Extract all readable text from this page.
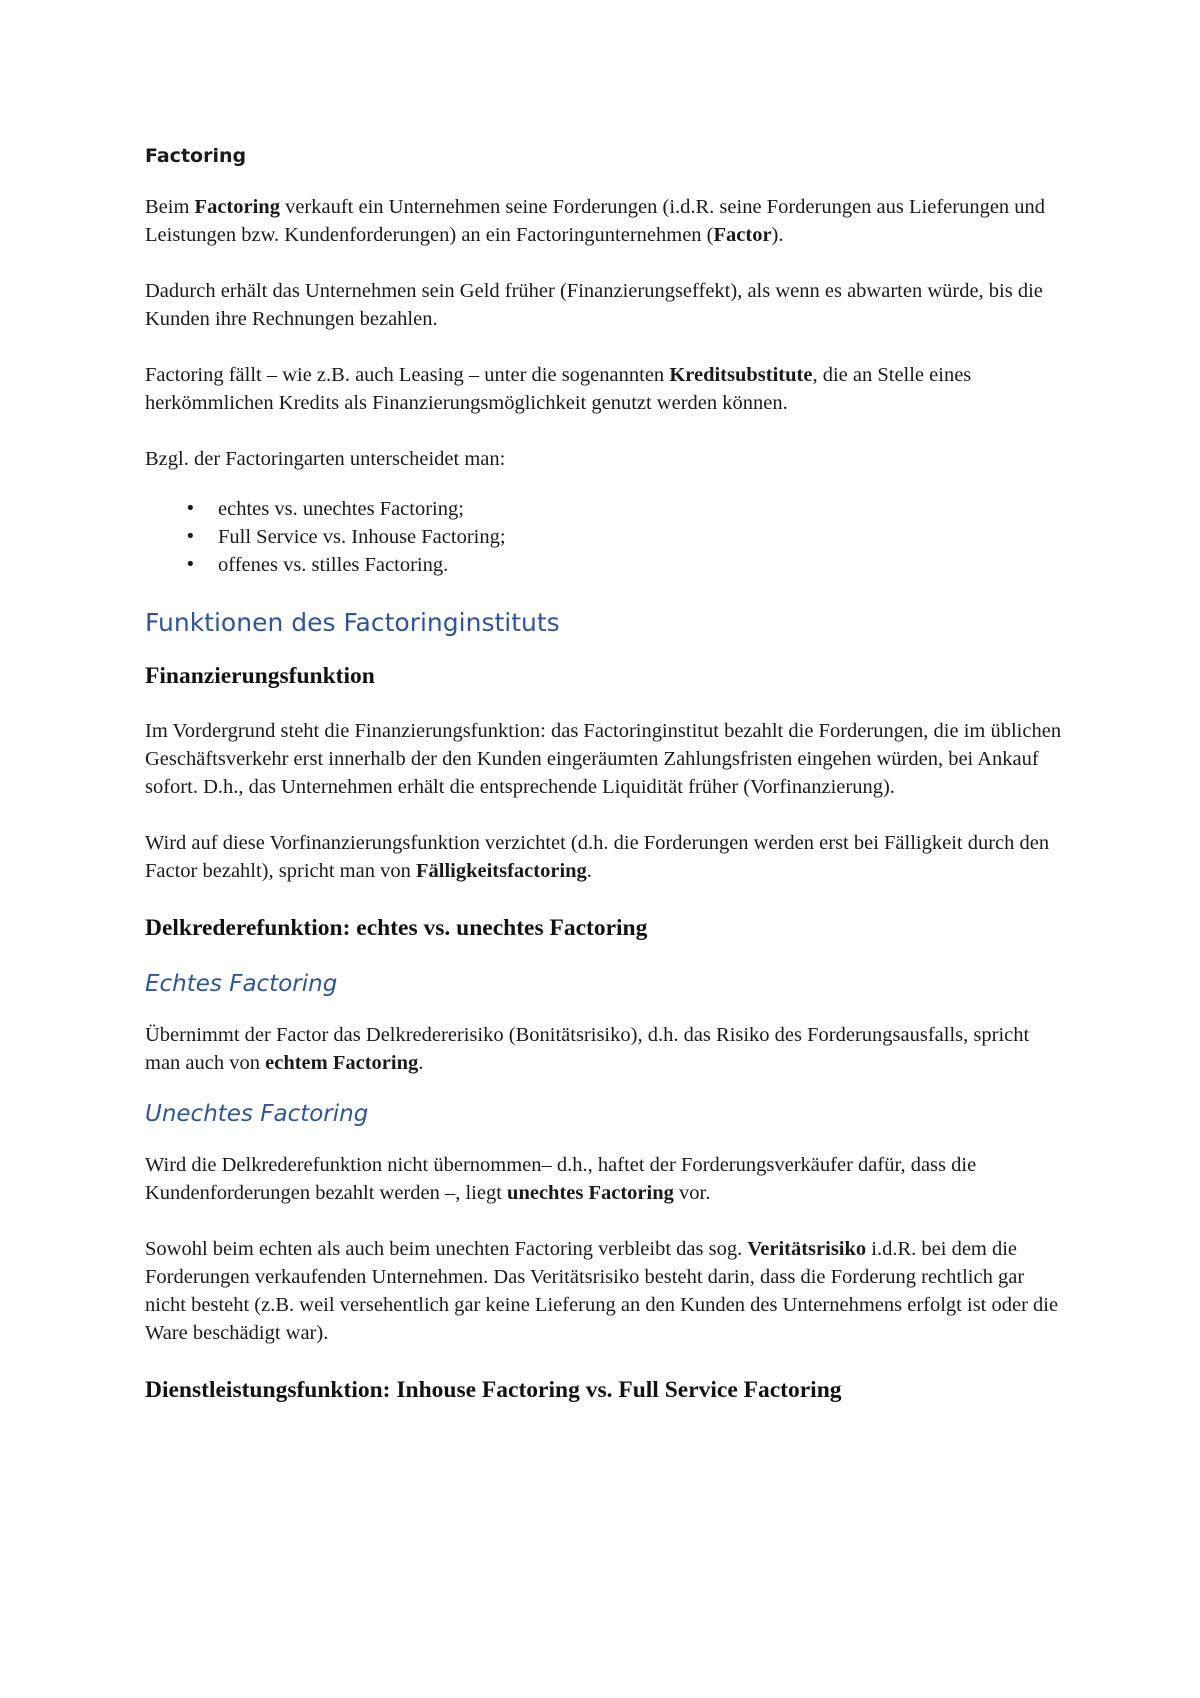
Factoring

Beim Factoring verkauft ein Unternehmen seine Forderungen (i.d.R. seine Forderungen aus Lieferungen und Leistungen bzw. Kundenforderungen) an ein Factoringunternehmen (Factor).

Dadurch erhält das Unternehmen sein Geld früher (Finanzierungseffekt), als wenn es abwarten würde, bis die Kunden ihre Rechnungen bezahlen.

Factoring fällt – wie z.B. auch Leasing – unter die sogenannten Kreditsubstitute, die an Stelle eines herkömmlichen Kredits als Finanzierungsmöglichkeit genutzt werden können.

Bzgl. der Factoringarten unterscheidet man:

• echtes vs. unechtes Factoring;
• Full Service vs. Inhouse Factoring;
• offenes vs. stilles Factoring.
Funktionen des Factoringinstituts
Finanzierungsfunktion

Im Vordergrund steht die Finanzierungsfunktion: das Factoringinstitut bezahlt die Forderungen, die im üblichen Geschäftsverkehr erst innerhalb der den Kunden eingeräumten Zahlungsfristen eingehen würden, bei Ankauf sofort. D.h., das Unternehmen erhält die entsprechende Liquidität früher (Vorfinanzierung).

Wird auf diese Vorfinanzierungsfunktion verzichtet (d.h. die Forderungen werden erst bei Fälligkeit durch den Factor bezahlt), spricht man von Fälligkeitsfactoring.

Delkrederefunktion: echtes vs. unechtes Factoring
Echtes Factoring

Übernimmt der Factor das Delkredererisiko (Bonitätsrisiko), d.h. das Risiko des Forderungsausfalls, spricht man auch von echtem Factoring.

Unechtes Factoring

Wird die Delkrederefunktion nicht übernommen– d.h., haftet der Forderungsverkäufer dafür, dass die Kundenforderungen bezahlt werden –, liegt unechtes Factoring vor.

Sowohl beim echten als auch beim unechten Factoring verbleibt das sog. Veritätsrisiko i.d.R. bei dem die Forderungen verkaufenden Unternehmen. Das Veritätsrisiko besteht darin, dass die Forderung rechtlich gar nicht besteht (z.B. weil versehentlich gar keine Lieferung an den Kunden des Unternehmens erfolgt ist oder die Ware beschädigt war).

Dienstleistungsfunktion: Inhouse Factoring vs. Full Service Factoring
